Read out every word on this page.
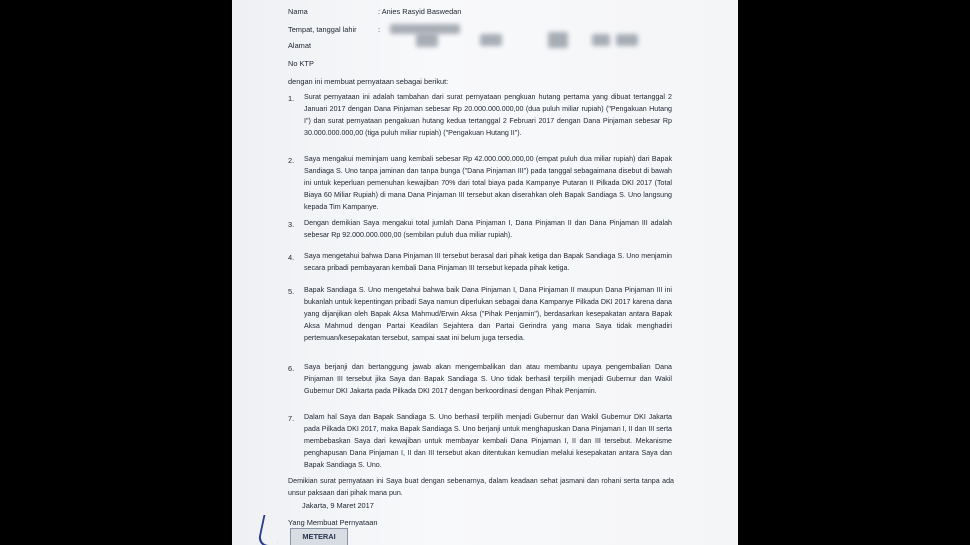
Nama	: Anies Rasyid Baswedan
Tempat, tanggal lahir	:
Alamat
No KTP
dengan ini membuat pernyataan sebagai berikut:
1. Surat pernyataan ini adalah tambahan dari surat pernyataan pengkuan hutang pertama yang dibuat tertanggal 2 Januari 2017 dengan Dana Pinjaman sebesar Rp 20.000.000.000,00 (dua puluh miliar rupiah) ("Pengakuan Hutang I") dan surat pernyataan pengakuan hutang kedua tertanggal 2 Februari 2017 dengan Dana Pinjaman sebesar Rp 30.000.000.000,00 (tiga puluh miliar rupiah) ("Pengakuan Hutang II").
2. Saya mengakui meminjam uang kembali sebesar Rp 42.000.000.000,00 (empat puluh dua miliar rupiah) dari Bapak Sandiaga S. Uno tanpa jaminan dan tanpa bunga ("Dana Pinjaman III") pada tanggal sebagaimana disebut di bawah ini untuk keperluan pemenuhan kewajiban 70% dari total biaya pada Kampanye Putaran II Pilkada DKI 2017 (Total Biaya 60 Miliar Rupiah) di mana Dana Pinjaman III tersebut akan diserahkan oleh Bapak Sandiaga S. Uno langsung kepada Tim Kampanye.
3. Dengan demikian Saya mengakui total jumlah Dana Pinjaman I, Dana Pinjaman II dan Dana Pinjaman III adalah sebesar Rp 92.000.000.000,00 (sembilan puluh dua miliar rupiah).
4. Saya mengetahui bahwa Dana Pinjaman III tersebut berasal dari pihak ketiga dan Bapak Sandiaga S. Uno menjamin secara pribadi pembayaran kembali Dana Pinjaman III tersebut kepada pihak ketiga.
5. Bapak Sandiaga S. Uno mengetahui bahwa baik Dana Pinjaman I, Dana Pinjaman II maupun Dana Pinjaman III ini bukanlah untuk kepentingan pribadi Saya namun diperlukan sebagai dana Kampanye Pilkada DKI 2017 karena dana yang dijanjikan oleh Bapak Aksa Mahmud/Erwin Aksa ("Pihak Penjamin"), berdasarkan kesepakatan antara Bapak Aksa Mahmud dengan Partai Keadilan Sejahtera dan Partai Gerindra yang mana Saya tidak menghadiri pertemuan/kesepakatan tersebut, sampai saat ini belum juga tersedia.
6. Saya berjanji dan bertanggung jawab akan mengembalikan dan atau membantu upaya pengembalian Dana Pinjaman III tersebut jika Saya dan Bapak Sandiaga S. Uno tidak berhasil terpilih menjadi Gubernur dan Wakil Gubernur DKI Jakarta pada Pilkada DKI 2017 dengan berkoordinasi dengan Pihak Penjamin.
7. Dalam hal Saya dan Bapak Sandiaga S. Uno berhasil terpilih menjadi Gubernur dan Wakil Gubernur DKI Jakarta pada Pilkada DKI 2017, maka Bapak Sandiaga S. Uno berjanji untuk menghapuskan Dana Pinjaman I, II dan III serta membebaskan Saya dari kewajiban untuk membayar kembali Dana Pinjaman I, II dan III tersebut. Mekanisme penghapusan Dana Pinjaman I, II dan III tersebut akan ditentukan kemudian melalui kesepakatan antara Saya dan Bapak Sandiaga S. Uno.
Demikian surat pernyataan ini Saya buat dengan sebenarnya, dalam keadaan sehat jasmani dan rohani serta tanpa ada unsur paksaan dari pihak mana pun.
Jakarta, 9 Maret 2017
Yang Membuat Pernyataan
METERAI
